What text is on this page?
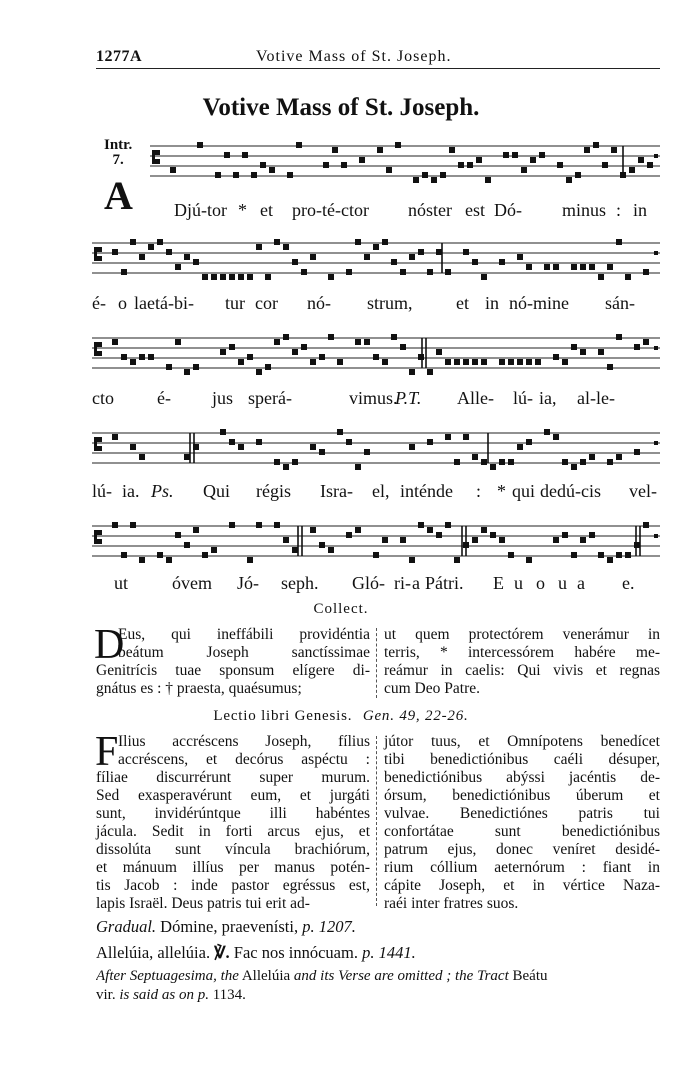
1277A	Votive Mass of St. Joseph.
Votive Mass of St. Joseph.
Intr.
7.
A Djú-tor * et pro-té-ctor nóster est Dó- minus : in
é- o laetá-bi- tur cor nó- strum, et in nó-mine sán-
cto é- jus sperá-	vimus.
P.T. Alle- lú- ia, al-le-
lú- ia. Ps. Qui régis Isra- el, inténde : * qui dedú-cis vel-
ut óvem Jó- seph. Gló- ri- a Pátri. E u o u a e.
Collect.
D
Eus, qui ineffábili providéntia
beátum Joseph sanctíssimae
Genitrícis tuae sponsum elígere di-
gnátus es : † praesta, quaésumus;
ut quem protectórem venerámur in
terris, * intercessórem habére me-
reámur in caelis: Qui vivis et regnas
cum Deo Patre.
Lectio libri Genesis. Gen. 49, 22-26.
F Ilius accréscens Joseph, fílius
accréscens, et decórus aspéctu :
fíliae discurrérunt super murum.
Sed exasperavérunt eum, et jurgáti
sunt, invidérúntque illi habéntes
jácula. Sedit in forti arcus ejus, et
dissolúta sunt víncula brachiórum,
et mánuum illíus per manus potén-
tis Jacob : inde pastor egréssus est,
lapis Israël. Deus patris tui erit ad-
jútor tuus, et Omnípotens benedícet
tibi benedictiónibus caéli désuper,
benedictiónibus abýssi jacéntis de-
órsum, benedictiónibus úberum et
vulvae. Benedictiónes patris tui
confortátae sunt benedictiónibus
patrum ejus, donec veníret desidé-
rium cóllium aeternórum : fiant in
cápite Joseph, et in vértice Naza-
raéi inter fratres suos.
Gradual. Dómine, praevenísti, p. 1207.
Allelúia, allelúia. ℣. Fac nos innócuam. p. 1441.
After Septuagesima, the Allelúia and its Verse are omitted ; the Tract Beátu
vir. is said as on p. 1134.
